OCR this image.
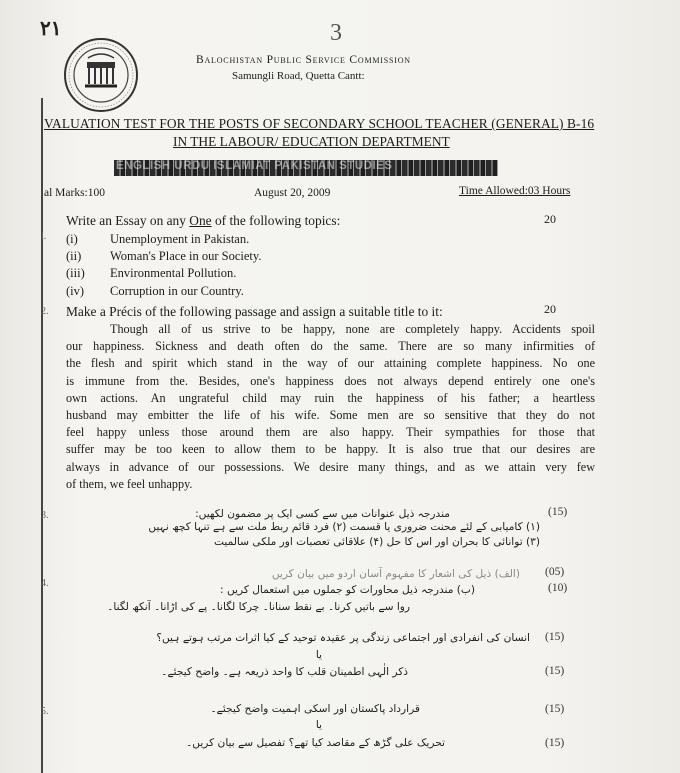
3
٢١
Balochistan Public Service Commission
Samungli Road, Quetta Cantt:
VALUATION TEST FOR THE POSTS OF SECONDARY SCHOOL TEACHER (GENERAL) B-16
IN THE LABOUR/ EDUCATION DEPARTMENT
ENGLISH URDU ISLAMIAT PAKISTAN STUDIES
al Marks:100	August 20, 2009	Time Allowed:03 Hours
l.
2.
3.
4.
5.
Write an Essay on any One of the following topics:	20
(i)	Unemployment in Pakistan.
(ii) Woman's Place in our Society.
(iii) Environmental Pollution.
(iv) Corruption in our Country.
Make a Précis of the following passage and assign a suitable title to it:	20
Though all of us strive to be happy, none are completely happy. Accidents spoil
our happiness. Sickness and death often do the same. There are so many infirmities of
the flesh and spirit which stand in the way of our attaining complete happiness. No one
is immune from the. Besides, one's happiness does not always depend entirely one one's
own actions. An ungrateful child may ruin the happiness of his father; a heartless
husband may embitter the life of his wife. Some men are so sensitive that they do not
feel happy unless those around them are also happy. Their sympathies for those that
suffer may be too keen to allow them to be happy. It is also true that our desires are
always in advance of our possessions. We desire many things, and as we attain very few
of them, we feel unhappy.
مندرجہ ذیل عنوانات میں سے کسی ایک پر مضمون لکھیں:	(15)
(۱) کامیابی کے لئے محنت ضروری یا قسمت (۲) فرد قائم ربط ملت سے ہے تنہا کچھ نہیں
(۳) توانائی کا بحران اور اس کا حل (۴) علاقائی تعصبات اور ملکی سالمیت
(الف) ذیل کی اشعار کا مفہوم آسان اردو میں بیان کریں (05)
(ب) مندرجہ ذیل محاورات کو جملوں میں استعمال کریں :	(10)
روا سے باتیں کرنا۔ بے نقط سنانا۔ چرکا لگانا۔ پے کی اڑانا۔ آنکھ لگنا۔
انسان کی انفرادی اور اجتماعی زندگی پر عقیدہ توحید کے کیا اثرات مرتب ہوتے ہیں؟ (15)
یا
ذکر الٰہی اطمینان قلب کا واحد ذریعہ ہے۔ واضح کیجئے۔	(15)
قرارداد پاکستان اور اسکی اہمیت واضح کیجئے۔	(15)
یا
تحریک علی گڑھ کے مقاصد کیا تھے؟ تفصیل سے بیان کریں۔	(15)
